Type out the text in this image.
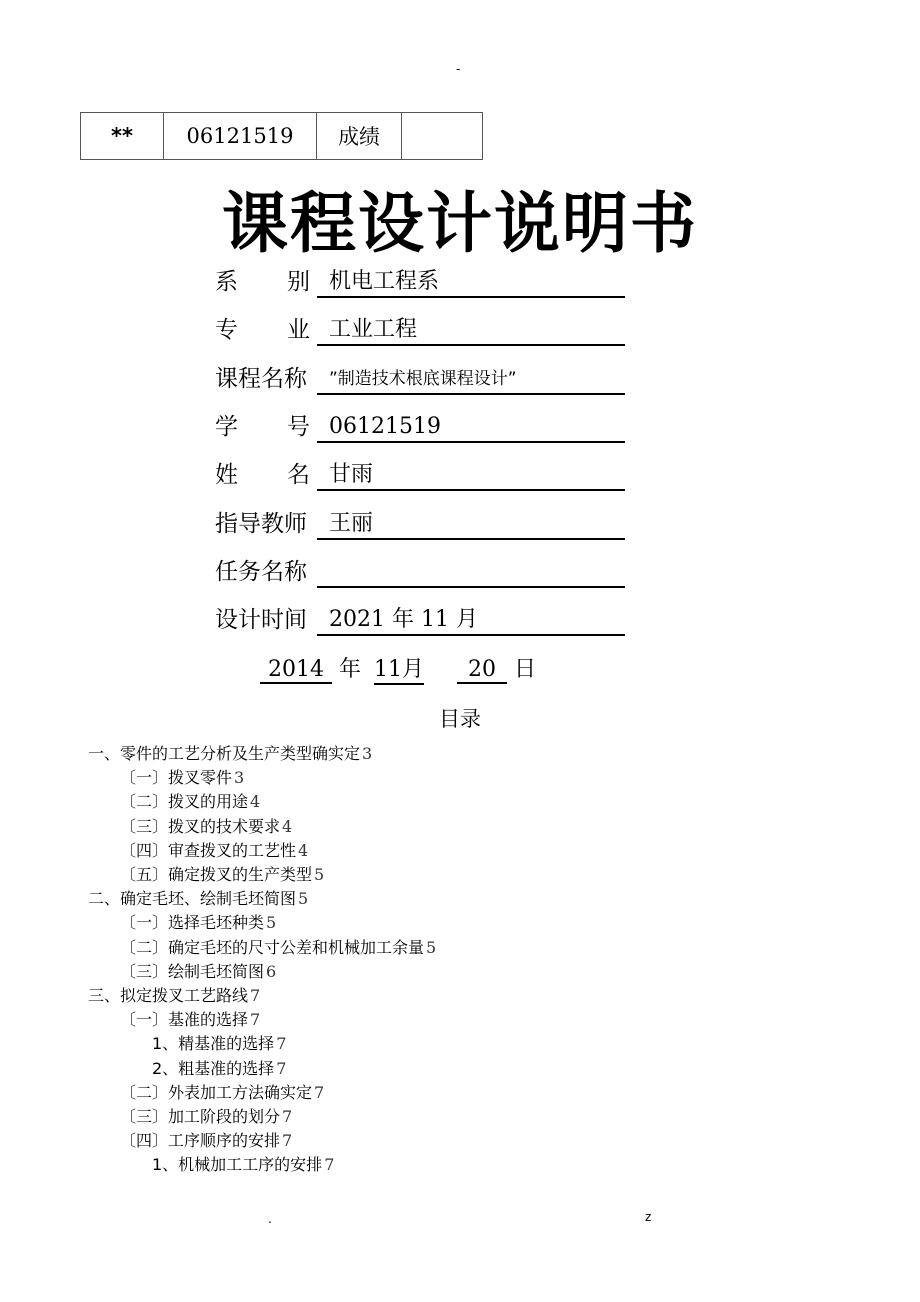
-
**	06121519	成绩	
课程设计说明书
系 别 机电工程系
专 业 工业工程
课程名称	”制造技术根底课程设计”
学 号 06121519
姓 名 甘雨
指导教师	王丽
任务名称
设计时间	2021 年 11 月
2014 年 11月 20 日
目录
一、零件的工艺分析及生产类型确实定 3
〔一〕拨叉零件 3
〔二〕拨叉的用途 4
〔三〕拨叉的技术要求 4
〔四〕审查拨叉的工艺性 4
〔五〕确定拨叉的生产类型 5
二、确定毛坯、绘制毛坯简图 5
〔一〕选择毛坯种类 5
〔二〕确定毛坯的尺寸公差和机械加工余量 5
〔三〕绘制毛坯简图 6
三、拟定拨叉工艺路线 7
〔一〕基准的选择 7
1、精基准的选择 7
2、粗基准的选择 7
〔二〕外表加工方法确实定 7
〔三〕加工阶段的划分 7
〔四〕工序顺序的安排 7
1、机械加工工序的安排 7
.	z
